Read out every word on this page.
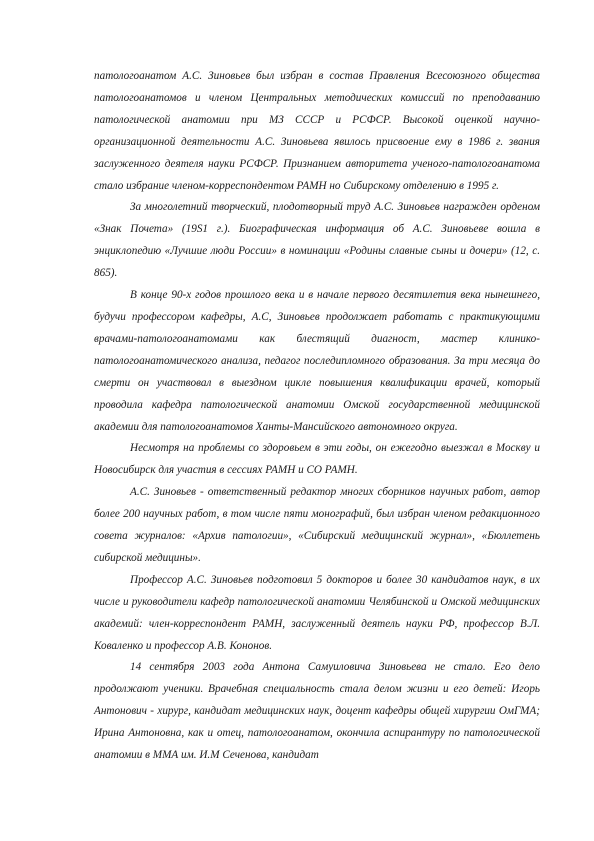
патологоанатом А.С. Зиновьев был избран в состав Правления Всесоюзного общества патологоанатомов и членом Центральных методических комиссий по преподаванию патологической анатомии при МЗ СССР и РСФСР. Высокой оценкой научно-организационной деятельности А.С. Зиновьева явилось присвоение ему в 1986 г. звания заслуженного деятеля науки РСФСР. Признанием авторитета ученого-патологоанатома стало избрание членом-корреспондентом РАМН но Сибирскому отделению в 1995 г.

За многолетний творческий, плодотворный труд А.С. Зиновьев награжден орденом «Знак Почета» (19S1 г.). Биографическая информация об А.С. Зиновьеве вошла в энциклопедию «Лучшие люди России» в номинации «Родины славные сыны и дочери» (12, с. 865).

В конце 90-х годов прошлого века и в начале первого десятилетия века нынешнего, будучи профессором кафедры, А.С, Зиновьев продолжает работать с практикующими врачами-патологоанатомами как блестящий диагност, мастер клинико-патологоанатомического анализа, педагог последипломного образования. За три месяца до смерти он участвовал в выездном цикле повышения квалификации врачей, который проводила кафедра патологической анатомии Омской государственной медицинской академии для патологоанатомов Ханты-Мансийского автономного округа.

Несмотря на проблемы со здоровьем в эти годы, он ежегодно выезжал в Москву и Новосибирск для участия в сессиях РАМН и СО РАМН.

А.С. Зиновьев - ответственный редактор многих сборников научных работ, автор более 200 научных работ, в том числе пяти монографий, был избран членом редакционного совета журналов: «Архив патологии», «Сибирский медицинский журнал», «Бюллетень сибирской медицины».

Профессор А.С. Зиновьев подготовил 5 докторов и более 30 кандидатов наук, в их числе и руководители кафедр патологической анатомии Челябинской и Омской медицинских академий: член-корреспондент РАМН, заслуженный деятель науки РФ, профессор В.Л. Коваленко и профессор А.В. Кононов.

14 сентября 2003 года Антона Самуиловича Зиновьева не стало. Его дело продолжают ученики. Врачебная специальность стала делом жизни и его детей: Игорь Антонович - хирург, кандидат медицинских наук, доцент кафедры общей хирургии ОмГМА; Ирина Антоновна, как и отец, патологоанатом, окончила аспирантуру по патологической анатомии в ММА им. И.М Сеченова, кандидат
